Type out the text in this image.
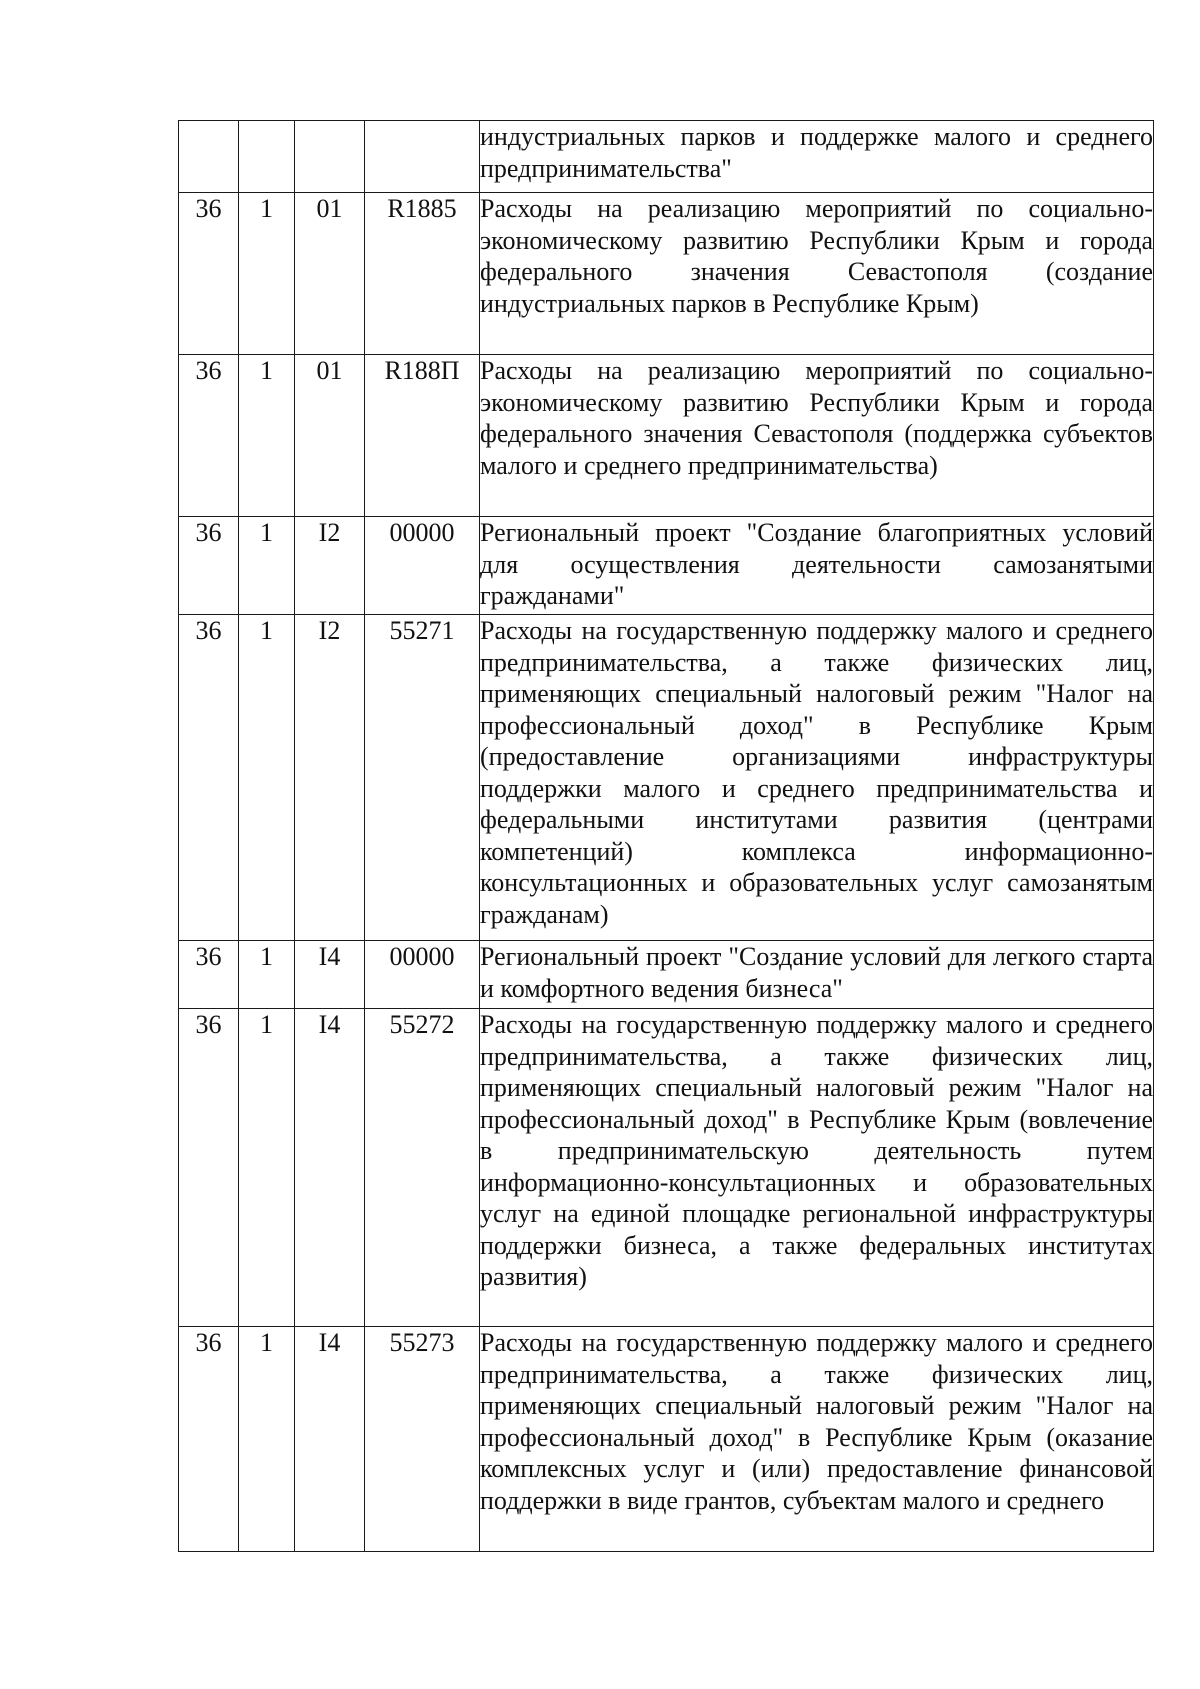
				индустриальных парков и поддержке малого и среднего предпринимательства"
36	1	01	R1885	Расходы на реализацию мероприятий по социально-экономическому развитию Республики Крым и города федерального значения Севастополя (создание индустриальных парков в Республике Крым)
36	1	01	R188П	Расходы на реализацию мероприятий по социально-экономическому развитию Республики Крым и города федерального значения Севастополя (поддержка субъектов малого и среднего предпринимательства)
36	1	I2	00000	Региональный проект "Создание благоприятных условий для осуществления деятельности самозанятыми гражданами"
36	1	I2	55271	Расходы на государственную поддержку малого и среднего предпринимательства, а также физических лиц, применяющих специальный налоговый режим "Налог на профессиональный доход" в Республике Крым (предоставление организациями инфраструктуры поддержки малого и среднего предпринимательства и федеральными институтами развития (центрами компетенций) комплекса информационно-консультационных и образовательных услуг самозанятым гражданам)
36	1	I4	00000	Региональный проект "Создание условий для легкого старта и комфортного ведения бизнеса"
36	1	I4	55272	Расходы на государственную поддержку малого и среднего предпринимательства, а также физических лиц, применяющих специальный налоговый режим "Налог на профессиональный доход" в Республике Крым (вовлечение в предпринимательскую деятельность путем информационно-консультационных и образовательных услуг на единой площадке региональной инфраструктуры поддержки бизнеса, а также федеральных институтах развития)
36	1	I4	55273	Расходы на государственную поддержку малого и среднего предпринимательства, а также физических лиц, применяющих специальный налоговый режим "Налог на профессиональный доход" в Республике Крым (оказание комплексных услуг и (или) предоставление финансовой поддержки в виде грантов, субъектам малого и среднего
